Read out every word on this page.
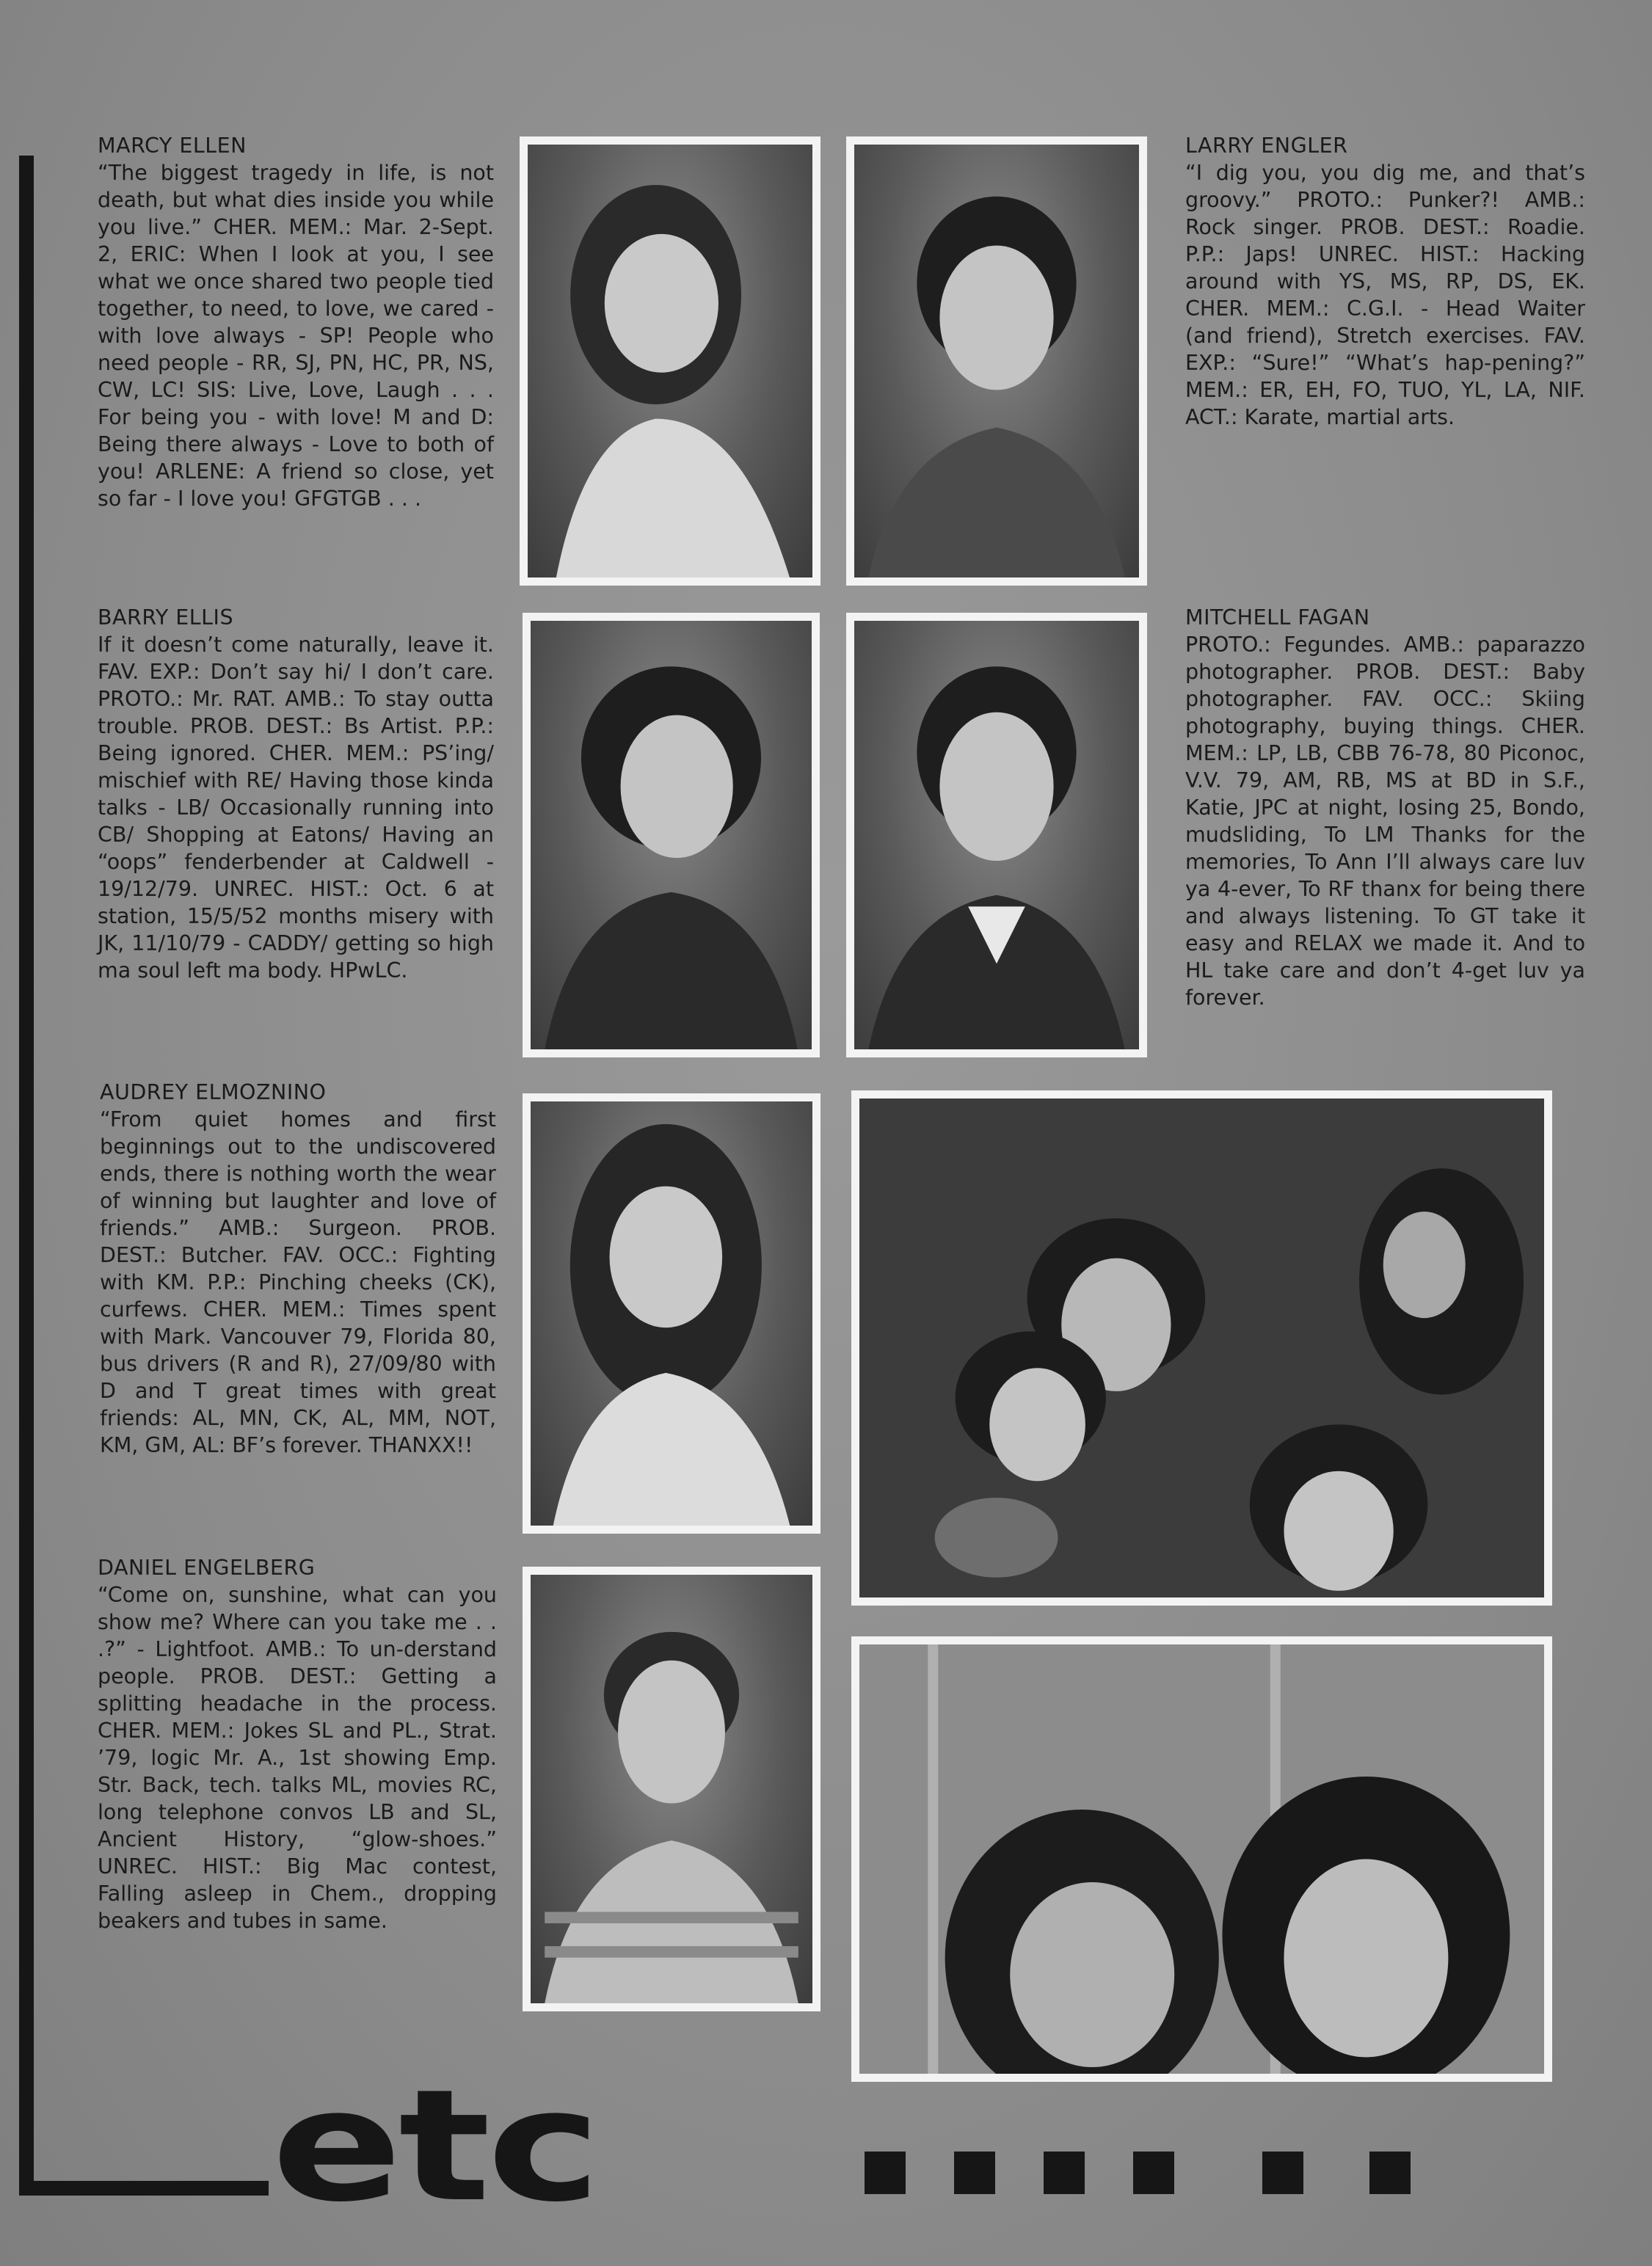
MARCY ELLEN
“The biggest tragedy in life, is not death, but what dies inside you while you live.” CHER. MEM.: Mar. 2-Sept. 2, ERIC: When I look at you, I see what we once shared two people tied together, to need, to love, we cared - with love always - SP! People who need people - RR, SJ, PN, HC, PR, NS, CW, LC! SIS: Live, Love, Laugh . . . For being you - with love! M and D: Being there always - Love to both of you! ARLENE: A friend so close, yet so far - I love you! GFGTGB . . .
LARRY ENGLER
“I dig you, you dig me, and that’s groovy.” PROTO.: Punker?! AMB.: Rock singer. PROB. DEST.: Roadie. P.P.: Japs! UNREC. HIST.: Hacking around with YS, MS, RP, DS, EK. CHER. MEM.: C.G.I. - Head Waiter (and friend), Stretch exercises. FAV. EXP.: “Sure!” “What’s hap-pening?” MEM.: ER, EH, FO, TUO, YL, LA, NIF. ACT.: Karate, martial arts.
BARRY ELLIS
If it doesn’t come naturally, leave it. FAV. EXP.: Don’t say hi/ I don’t care. PROTO.: Mr. RAT. AMB.: To stay outta trouble. PROB. DEST.: Bs Artist. P.P.: Being ignored. CHER. MEM.: PS’ing/ mischief with RE/ Having those kinda talks - LB/ Occasionally running into CB/ Shopping at Eatons/ Having an “oops” fenderbender at Caldwell - 19/12/79. UNREC. HIST.: Oct. 6 at station, 15/5/52 months misery with JK, 11/10/79 - CADDY/ getting so high ma soul left ma body. HPwLC.
MITCHELL FAGAN
PROTO.: Fegundes. AMB.: paparazzo photographer. PROB. DEST.: Baby photographer. FAV. OCC.: Skiing photography, buying things. CHER. MEM.: LP, LB, CBB 76-78, 80 Piconoc, V.V. 79, AM, RB, MS at BD in S.F., Katie, JPC at night, losing 25, Bondo, mudsliding, To LM Thanks for the memories, To Ann I’ll always care luv ya 4-ever, To RF thanx for being there and always listening. To GT take it easy and RELAX we made it. And to HL take care and don’t 4-get luv ya forever.
AUDREY ELMOZNINO
“From quiet homes and first beginnings out to the undiscovered ends, there is nothing worth the wear of winning but laughter and love of friends.” AMB.: Surgeon. PROB. DEST.: Butcher. FAV. OCC.: Fighting with KM. P.P.: Pinching cheeks (CK), curfews. CHER. MEM.: Times spent with Mark. Vancouver 79, Florida 80, bus drivers (R and R), 27/09/80 with D and T great times with great friends: AL, MN, CK, AL, MM, NOT, KM, GM, AL: BF’s forever. THANXX!!
DANIEL ENGELBERG
“Come on, sunshine, what can you show me? Where can you take me . . .?” - Lightfoot. AMB.: To un-derstand people. PROB. DEST.: Getting a splitting headache in the process. CHER. MEM.: Jokes SL and PL., Strat. ’79, logic Mr. A., 1st showing Emp. Str. Back, tech. talks ML, movies RC, long telephone convos LB and SL, Ancient History, “glow-shoes.” UNREC. HIST.: Big Mac contest, Falling asleep in Chem., dropping beakers and tubes in same.
etc
